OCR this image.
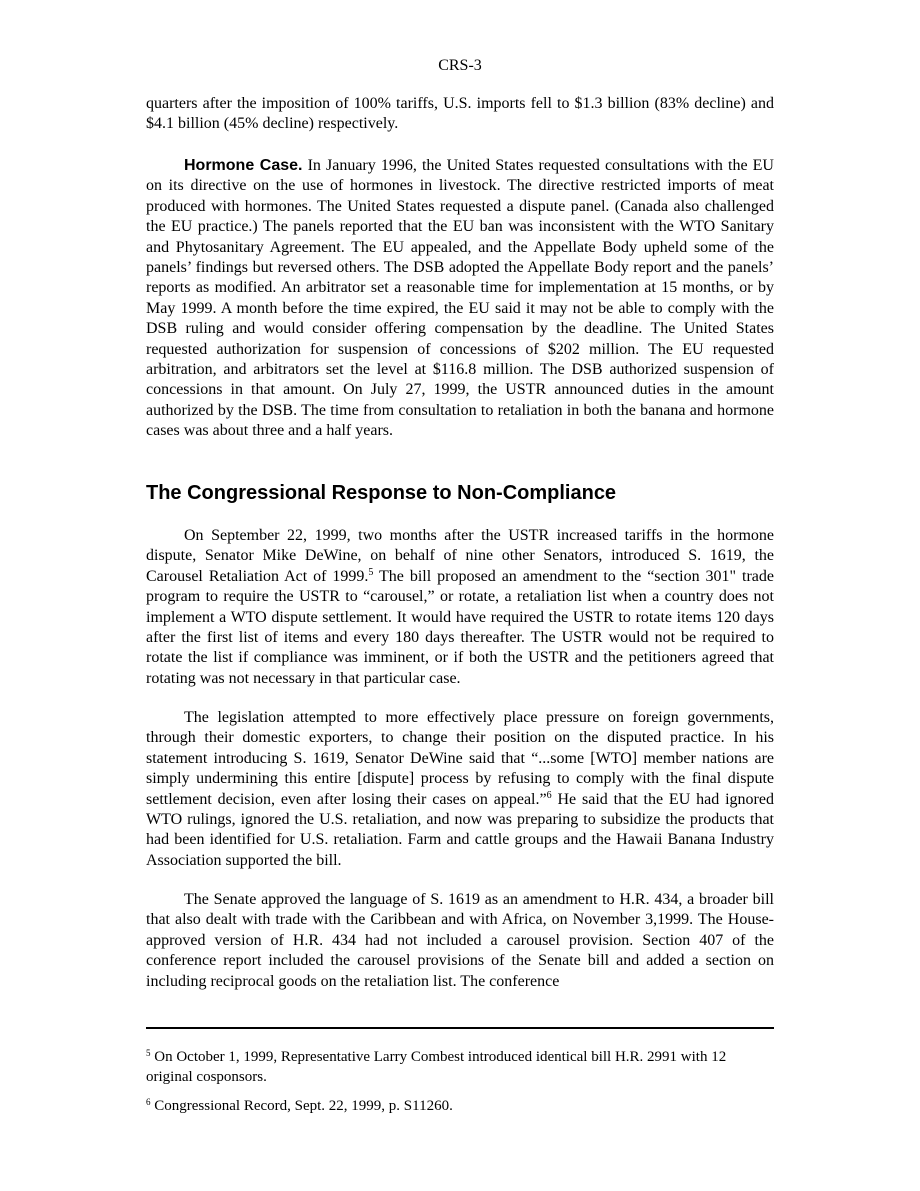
CRS-3

quarters after the imposition of 100% tariffs, U.S. imports fell to $1.3 billion (83% decline) and $4.1 billion (45% decline) respectively.

Hormone Case. In January 1996, the United States requested consultations with the EU on its directive on the use of hormones in livestock. The directive restricted imports of meat produced with hormones. The United States requested a dispute panel. (Canada also challenged the EU practice.) The panels reported that the EU ban was inconsistent with the WTO Sanitary and Phytosanitary Agreement. The EU appealed, and the Appellate Body upheld some of the panels’ findings but reversed others. The DSB adopted the Appellate Body report and the panels’ reports as modified. An arbitrator set a reasonable time for implementation at 15 months, or by May 1999. A month before the time expired, the EU said it may not be able to comply with the DSB ruling and would consider offering compensation by the deadline. The United States requested authorization for suspension of concessions of $202 million. The EU requested arbitration, and arbitrators set the level at $116.8 million. The DSB authorized suspension of concessions in that amount. On July 27, 1999, the USTR announced duties in the amount authorized by the DSB. The time from consultation to retaliation in both the banana and hormone cases was about three and a half years.

The Congressional Response to Non-Compliance

On September 22, 1999, two months after the USTR increased tariffs in the hormone dispute, Senator Mike DeWine, on behalf of nine other Senators, introduced S. 1619, the Carousel Retaliation Act of 1999.$^5$ The bill proposed an amendment to the “section 301" trade program to require the USTR to “carousel,” or rotate, a retaliation list when a country does not implement a WTO dispute settlement. It would have required the USTR to rotate items 120 days after the first list of items and every 180 days thereafter. The USTR would not be required to rotate the list if compliance was imminent, or if both the USTR and the petitioners agreed that rotating was not necessary in that particular case.

The legislation attempted to more effectively place pressure on foreign governments, through their domestic exporters, to change their position on the disputed practice. In his statement introducing S. 1619, Senator DeWine said that “...some [WTO] member nations are simply undermining this entire [dispute] process by refusing to comply with the final dispute settlement decision, even after losing their cases on appeal.”$^6$ He said that the EU had ignored WTO rulings, ignored the U.S. retaliation, and now was preparing to subsidize the products that had been identified for U.S. retaliation. Farm and cattle groups and the Hawaii Banana Industry Association supported the bill.

The Senate approved the language of S. 1619 as an amendment to H.R. 434, a broader bill that also dealt with trade with the Caribbean and with Africa, on November 3,1999. The House-approved version of H.R. 434 had not included a carousel provision. Section 407 of the conference report included the carousel provisions of the Senate bill and added a section on including reciprocal goods on the retaliation list. The conference

$^5$ On October 1, 1999, Representative Larry Combest introduced identical bill H.R. 2991 with 12 original cosponsors.
$^6$ Congressional Record, Sept. 22, 1999, p. S11260.
